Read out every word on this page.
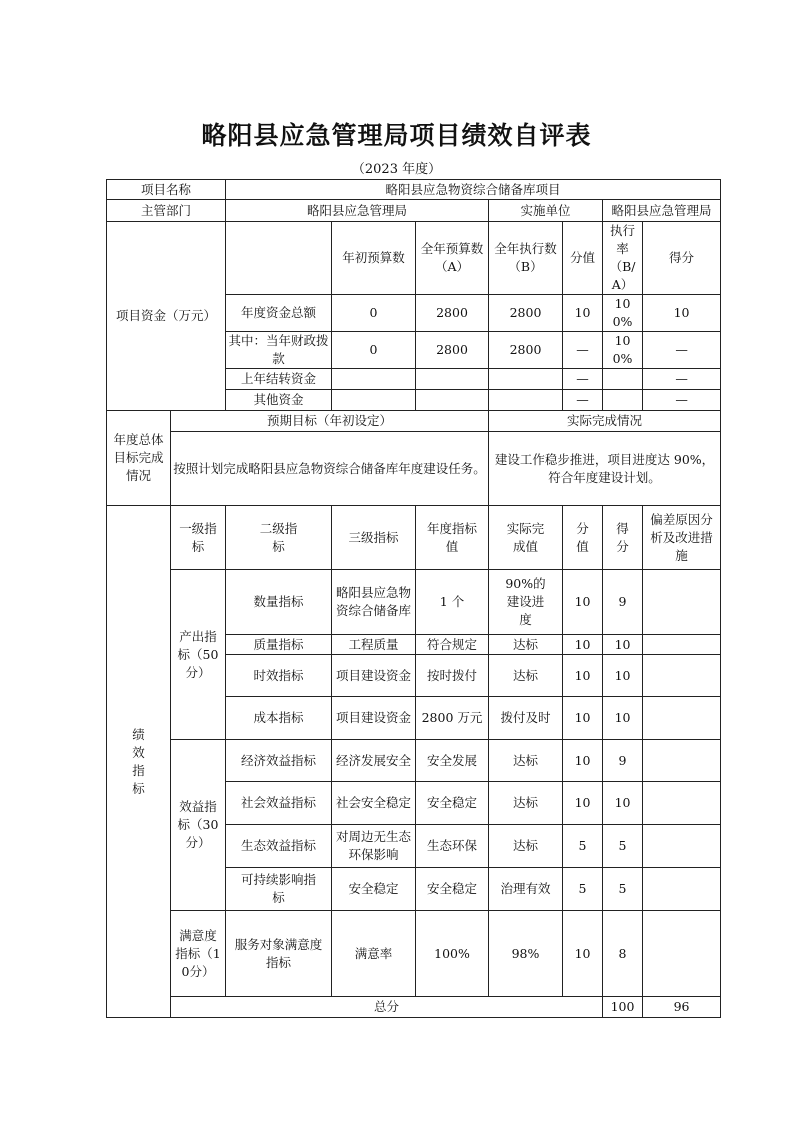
略阳县应急管理局项目绩效自评表
（2023 年度）
项目名称		略阳县应急物资综合储备库项目							
主管部门		略阳县应急管理局			实施单位		略阳县应急管理局		
项目资金（万元）			年初预算数	全年预算数（A）	全年执行数（B）	分值	执行率（B/A）	得分	
		年度资金总额	0	2800	2800	10	100%	10	
		其中：当年财政拨款	0	2800	2800	—	100%	—	
		上年结转资金				—		—	
		其他资金				—		—	
年度总体目标完成情况	预期目标（年初设定）				实际完成情况				
	按照计划完成略阳县应急物资综合储备库年度建设任务。				建设工作稳步推进，项目进度达 90%，符合年度建设计划。				
绩效指标	一级指标	二级指标	三级指标	年度指标值	实际完成值	分值	得分	偏差原因分析及改进措施	
	产出指标（50分）	数量指标	略阳县应急物资综合储备库	1 个	90%的建设进度	10	9		
		质量指标	工程质量	符合规定	达标	10	10		
		时效指标	项目建设资金	按时拨付	达标	10	10		
		成本指标	项目建设资金	2800 万元	拨付及时	10	10		
	效益指标（30分）	经济效益指标	经济发展安全	安全发展	达标	10	9		
		社会效益指标	社会安全稳定	安全稳定	达标	10	10		
		生态效益指标	对周边无生态环保影响	生态环保	达标	5	5		
		可持续影响指标	安全稳定	安全稳定	治理有效	5	5		
	满意度指标（10分）	服务对象满意度指标	满意率	100%	98%	10	8		
	总分						100	96	
